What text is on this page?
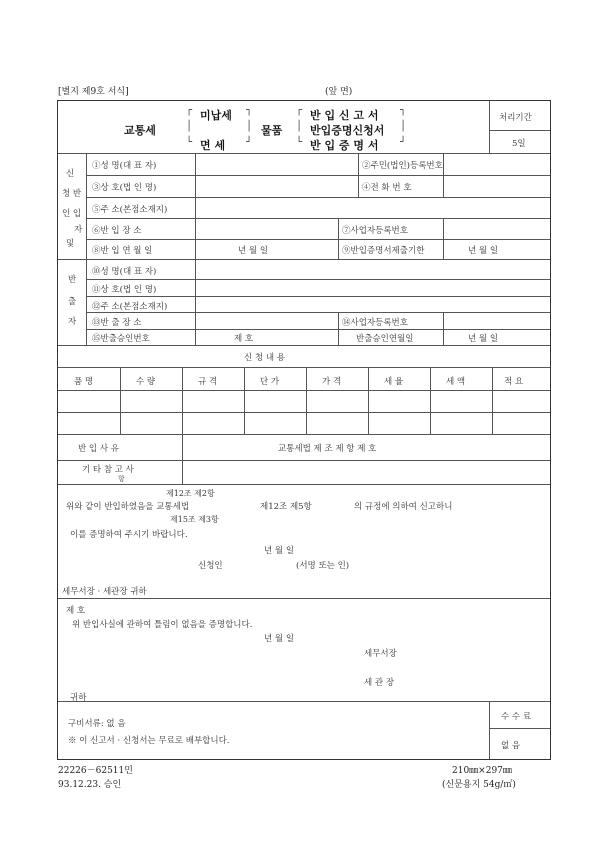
[별지 제9호 서식]	(앞 면)
┌	┐
미납세
교통세	│	│
└	┘
면 세
물품
┌	┐
반 입 신 고 서
│	│
반입증명신청서
└	┘
반 입 증 명 서
처리기간
5일
신
청 반
인 입
자
및
①성 명(대 표 자)	②주민(법인)등록번호
③상 호(법 인 명)	④전 화 번 호
⑤주 소(본점소재지)
⑥반 입 장 소	⑦사업자등록번호
⑧반 입 연 월 일	년 월 일	⑨반입증명서제출기한	년 월 일
반
출
자
⑩성 명(대 표 자)
⑪상 호(법 인 명)
⑫주 소(본점소재지)
⑬반 출 장 소	⑭사업자등록번호
⑮반출승인번호	제 호	반출승인연월일	년 월 일
신 청 내 용
품 명	수 량	규 격	단 가	가 격	세 율	세 액	적 요
반 입 사 유	교통세법 제 조 제 항 제 호
기 타 참 고 사
항
제12조 제2항
위와 같이 반입하였음을 교통세법	제12조 제5항	의 규정에 의하여 신고하니
제15조 제3항
이를 증명하여 주시기 바랍니다.
년 월 일
신청인	(서명 또는 인)
세무서장 · 세관장 귀하
제 호
위 반입사실에 관하여 틀림이 없음을 증명합니다.
년 월 일
세무서장
세 관 장
귀하
구비서류: 없 음
※ 이 신고서 · 신청서는 무료로 배부합니다.
수 수 료
없 음
22226－62511민
93.12.23. 승인
210㎜×297㎜
(신문용지 54g/㎡)
